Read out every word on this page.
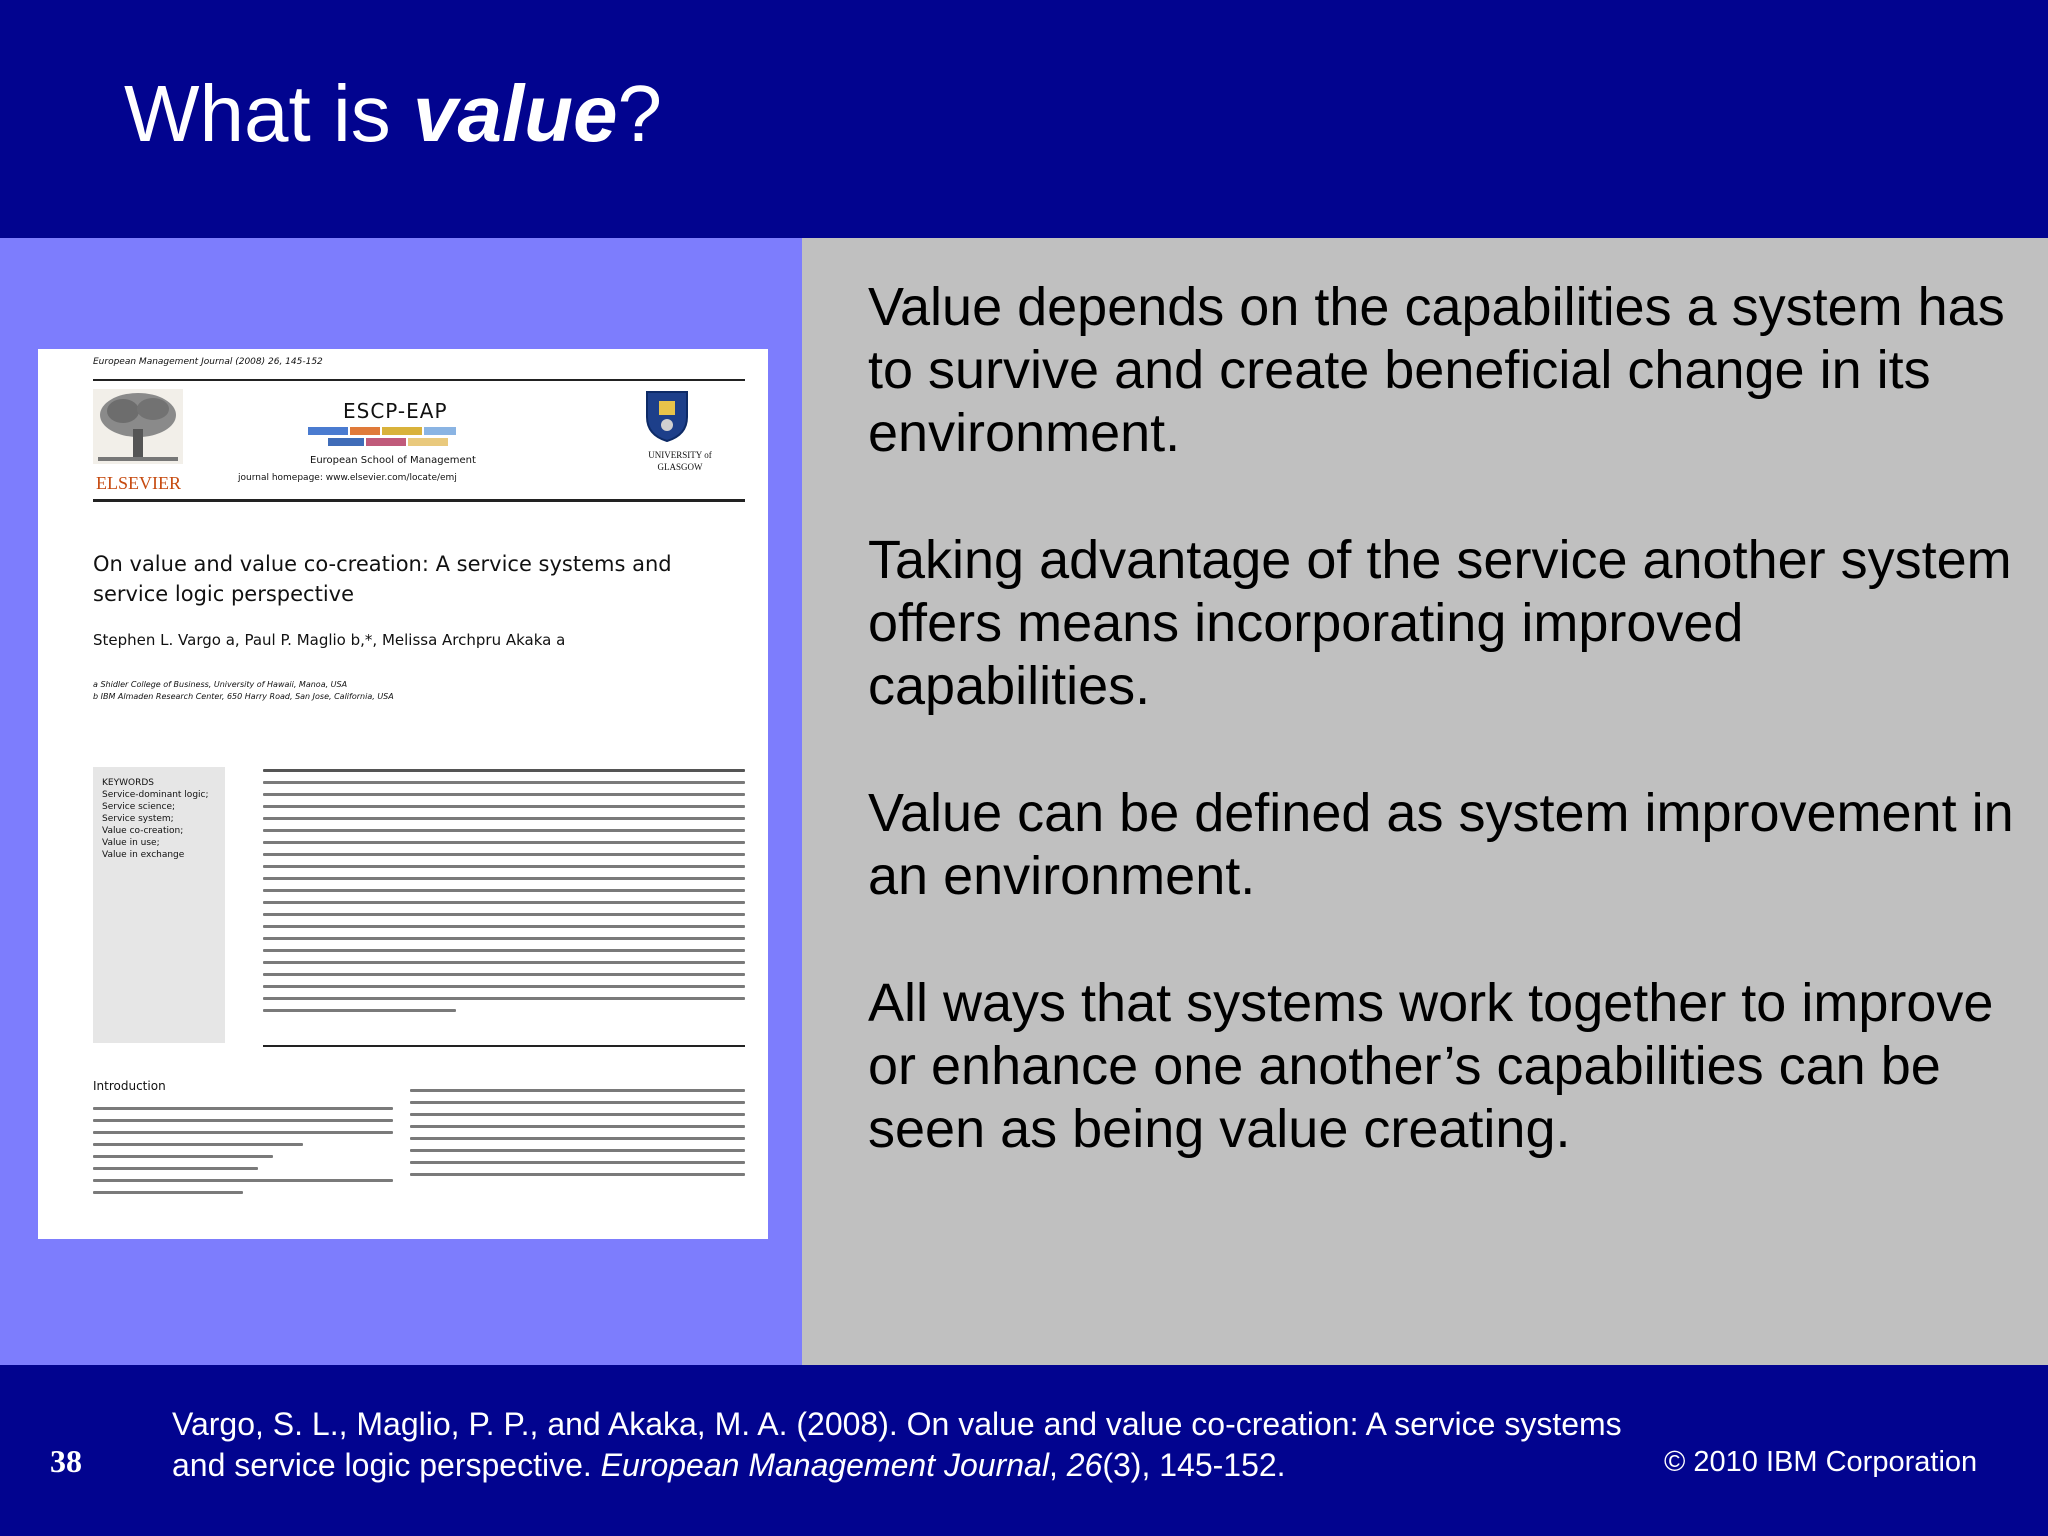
What is value?
European Management Journal (2008) 26, 145-152
ELSEVIER
ESCP-EAP
European School of Management
journal homepage: www.elsevier.com/locate/emj
UNIVERSITY of GLASGOW
On value and value co-creation: A service systems and service logic perspective
Stephen L. Vargo a, Paul P. Maglio b,*, Melissa Archpru Akaka a
a Shidler College of Business, University of Hawaii, Manoa, USA
b IBM Almaden Research Center, 650 Harry Road, San Jose, California, USA
KEYWORDS
Service-dominant logic;
Service science;
Service system;
Value co-creation;
Value in use;
Value in exchange
Introduction

Value depends on the capabilities a system has to survive and create beneficial change in its environment.

Taking advantage of the service another system offers means incorporating improved capabilities.

Value can be defined as system improvement in an environment.

All ways that systems work together to improve or enhance one another’s capabilities can be seen as being value creating.

38
Vargo, S. L., Maglio, P. P., and Akaka, M. A. (2008). On value and value co-creation: A service systems and service logic perspective. European Management Journal, 26(3), 145-152.	© 2010 IBM Corporation
